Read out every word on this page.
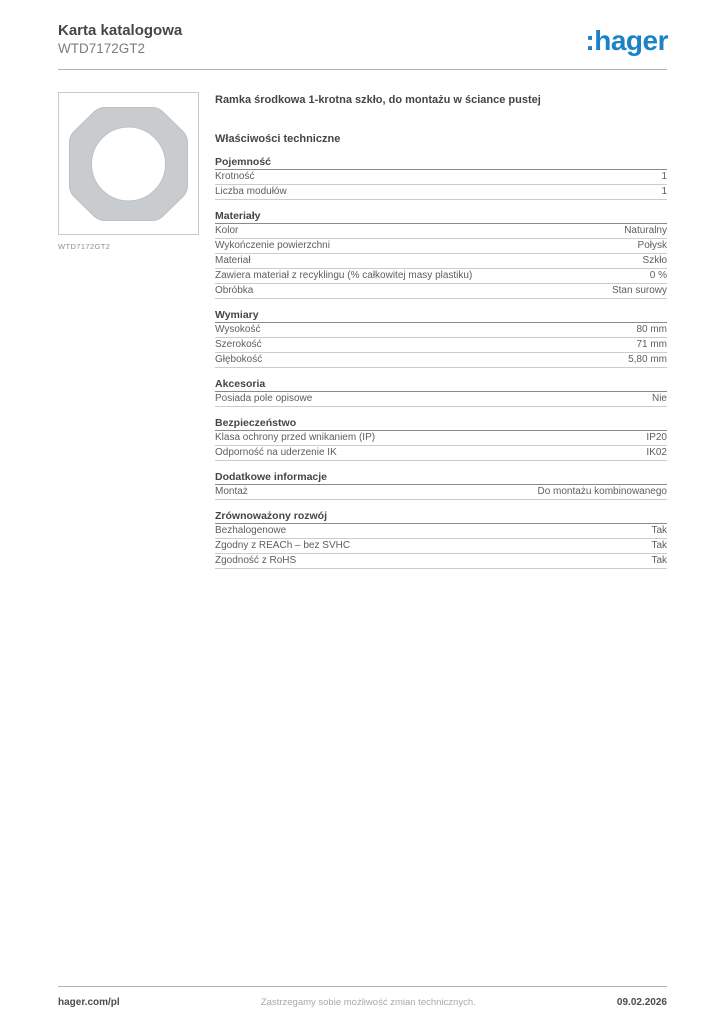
Karta katalogowa
WTD7172GT2	:hager
WTD7172GT2
Ramka środkowa 1-krotna szkło, do montażu w ściance pustej
Właściwości techniczne
Pojemność
Krotność	1
Liczba modułów	1
Materiały
Kolor	Naturalny
Wykończenie powierzchni	Połysk
Materiał	Szkło
Zawiera materiał z recyklingu (% całkowitej masy plastiku)	0 %
Obróbka	Stan surowy
Wymiary
Wysokość	80 mm
Szerokość	71 mm
Głębokość	5,80 mm
Akcesoria
Posiada pole opisowe	Nie
Bezpieczeństwo
Klasa ochrony przed wnikaniem (IP)	IP20
Odporność na uderzenie IK	IK02
Dodatkowe informacje
Montaż	Do montażu kombinowanego
Zrównoważony rozwój
Bezhalogenowe	Tak
Zgodny z REACh – bez SVHC	Tak
Zgodność z RoHS	Tak
hager.com/pl	Zastrzegamy sobie możliwość zmian technicznych.	09.02.2026
